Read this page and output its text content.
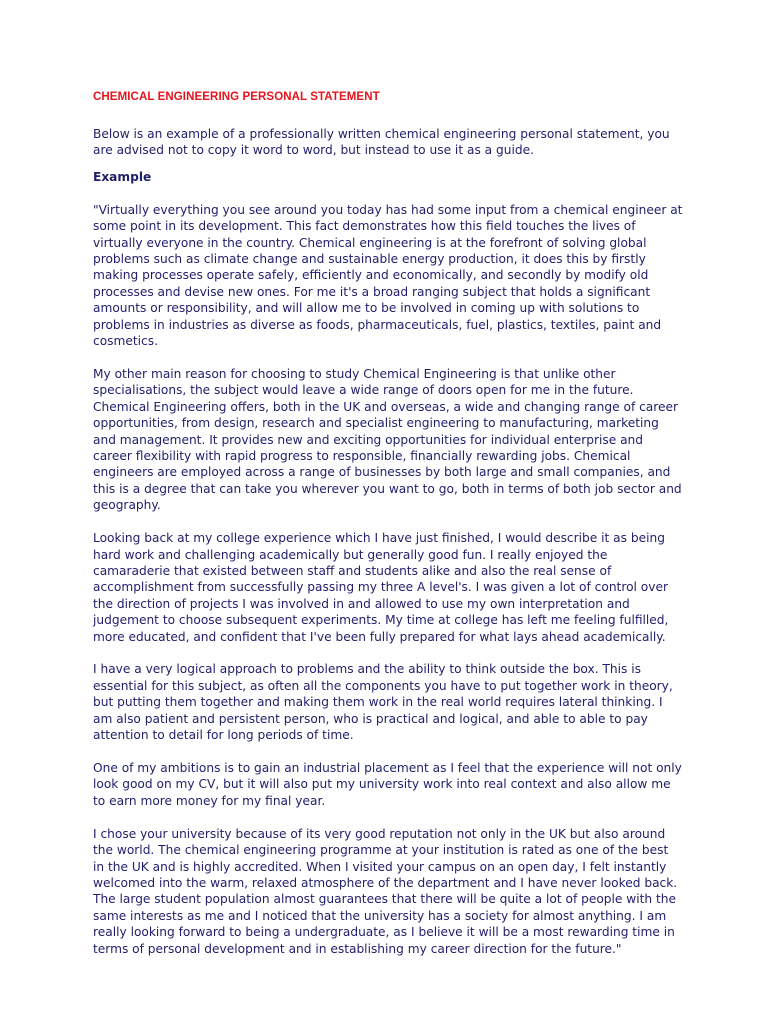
CHEMICAL ENGINEERING PERSONAL STATEMENT

Below is an example of a professionally written chemical engineering personal statement, you are advised not to copy it word to word, but instead to use it as a guide.

Example

"Virtually everything you see around you today has had some input from a chemical engineer at some point in its development. This fact demonstrates how this field touches the lives of virtually everyone in the country. Chemical engineering is at the forefront of solving global problems such as climate change and sustainable energy production, it does this by firstly making processes operate safely, efficiently and economically, and secondly by modify old processes and devise new ones. For me it's a broad ranging subject that holds a significant amounts or responsibility, and will allow me to be involved in coming up with solutions to problems in industries as diverse as foods, pharmaceuticals, fuel, plastics, textiles, paint and cosmetics.

My other main reason for choosing to study Chemical Engineering is that unlike other specialisations, the subject would leave a wide range of doors open for me in the future. Chemical Engineering offers, both in the UK and overseas, a wide and changing range of career opportunities, from design, research and specialist engineering to manufacturing, marketing and management. It provides new and exciting opportunities for individual enterprise and career flexibility with rapid progress to responsible, financially rewarding jobs. Chemical engineers are employed across a range of businesses by both large and small companies, and this is a degree that can take you wherever you want to go, both in terms of both job sector and geography.

Looking back at my college experience which I have just finished, I would describe it as being hard work and challenging academically but generally good fun. I really enjoyed the camaraderie that existed between staff and students alike and also the real sense of accomplishment from successfully passing my three A level's. I was given a lot of control over the direction of projects I was involved in and allowed to use my own interpretation and judgement to choose subsequent experiments. My time at college has left me feeling fulfilled, more educated, and confident that I've been fully prepared for what lays ahead academically.

I have a very logical approach to problems and the ability to think outside the box. This is essential for this subject, as often all the components you have to put together work in theory, but putting them together and making them work in the real world requires lateral thinking. I am also patient and persistent person, who is practical and logical, and able to able to pay attention to detail for long periods of time.

One of my ambitions is to gain an industrial placement as I feel that the experience will not only look good on my CV, but it will also put my university work into real context and also allow me to earn more money for my final year.

I chose your university because of its very good reputation not only in the UK but also around the world. The chemical engineering programme at your institution is rated as one of the best in the UK and is highly accredited. When I visited your campus on an open day, I felt instantly welcomed into the warm, relaxed atmosphere of the department and I have never looked back. The large student population almost guarantees that there will be quite a lot of people with the same interests as me and I noticed that the university has a society for almost anything. I am really looking forward to being a undergraduate, as I believe it will be a most rewarding time in terms of personal development and in establishing my career direction for the future."
